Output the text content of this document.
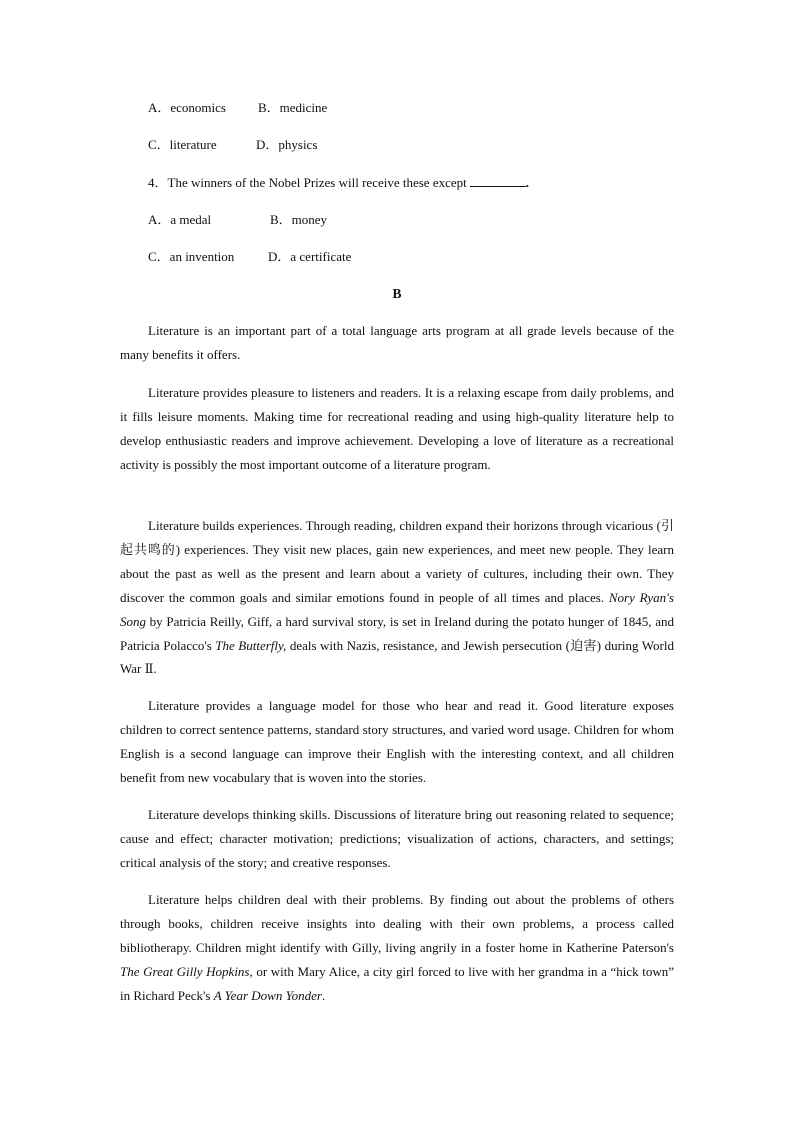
A．economics B．medicine
C．literature	D．physics
4．The winners of the Nobel Prizes will receive these except	.
A．a medal	B．money
C．an invention	D．a certificate
B

Literature is an important part of a total language arts program at all grade levels because of the many benefits it offers.

Literature provides pleasure to listeners and readers. It is a relaxing escape from daily problems, and it fills leisure moments. Making time for recreational reading and using high-quality literature help to develop enthusiastic readers and improve achievement. Developing a love of literature as a recreational activity is possibly the most important outcome of a literature program.

Literature builds experiences. Through reading, children expand their horizons through vicarious (引起共鸣的) experiences. They visit new places, gain new experiences, and meet new people. They learn about the past as well as the present and learn about a variety of cultures, including their own. They discover the common goals and similar emotions found in people of all times and places. Nory Ryan's Song by Patricia Reilly, Giff, a hard survival story, is set in Ireland during the potato hunger of 1845, and Patricia Polacco's The Butterfly, deals with Nazis, resistance, and Jewish persecution (迫害) during World War Ⅱ.

Literature provides a language model for those who hear and read it. Good literature exposes children to correct sentence patterns, standard story structures, and varied word usage. Children for whom English is a second language can improve their English with the interesting context, and all children benefit from new vocabulary that is woven into the stories.

Literature develops thinking skills. Discussions of literature bring out reasoning related to sequence; cause and effect; character motivation; predictions; visualization of actions, characters, and settings; critical analysis of the story; and creative responses.

Literature helps children deal with their problems. By finding out about the problems of others through books, children receive insights into dealing with their own problems, a process called bibliotherapy. Children might identify with Gilly, living angrily in a foster home in Katherine Paterson's The Great Gilly Hopkins, or with Mary Alice, a city girl forced to live with her grandma in a “hick town” in Richard Peck's A Year Down Yonder.
